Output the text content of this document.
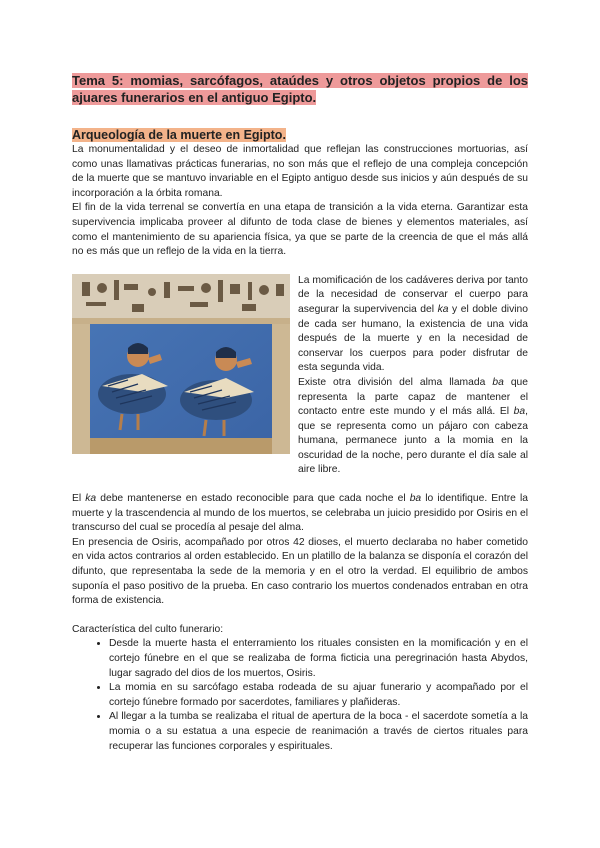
Tema 5: momias, sarcófagos, ataúdes y otros objetos propios de los ajuares funerarios en el antiguo Egipto.
Arqueología de la muerte en Egipto.

La monumentalidad y el deseo de inmortalidad que reflejan las construcciones mortuorias, así como unas llamativas prácticas funerarias, no son más que el reflejo de una compleja concepción de la muerte que se mantuvo invariable en el Egipto antiguo desde sus inicios y aún después de su incorporación a la órbita romana.

El fin de la vida terrenal se convertía en una etapa de transición a la vida eterna. Garantizar esta supervivencia implicaba proveer al difunto de toda clase de bienes y elementos materiales, así como el mantenimiento de su apariencia física, ya que se parte de la creencia de que el más allá no es más que un reflejo de la vida en la tierra.

La momificación de los cadáveres deriva por tanto de la necesidad de conservar el cuerpo para asegurar la supervivencia del ka y el doble divino de cada ser humano, la existencia de una vida después de la muerte y en la necesidad de conservar los cuerpos para poder disfrutar de esta segunda vida.

Existe otra división del alma llamada ba que representa la parte capaz de mantener el contacto entre este mundo y el más allá. El ba, que se representa como un pájaro con cabeza humana, permanece junto a la momia en la oscuridad de la noche, pero durante el día sale al aire libre.

El ka debe mantenerse en estado reconocible para que cada noche el ba lo identifique. Entre la muerte y la trascendencia al mundo de los muertos, se celebraba un juicio presidido por Osiris en el transcurso del cual se procedía al pesaje del alma.

En presencia de Osiris, acompañado por otros 42 dioses, el muerto declaraba no haber cometido en vida actos contrarios al orden establecido. En un platillo de la balanza se disponía el corazón del difunto, que representaba la sede de la memoria y en el otro la verdad. El equilibrio de ambos suponía el paso positivo de la prueba. En caso contrario los muertos condenados entraban en otra forma de existencia.

Característica del culto funerario:

• Desde la muerte hasta el enterramiento los rituales consisten en la momificación y en el cortejo fúnebre en el que se realizaba de forma ficticia una peregrinación hasta Abydos, lugar sagrado del dios de los muertos, Osiris.
• La momia en su sarcófago estaba rodeada de su ajuar funerario y acompañado por el cortejo fúnebre formado por sacerdotes, familiares y plañideras.
• Al llegar a la tumba se realizaba el ritual de apertura de la boca - el sacerdote sometía a la momia o a su estatua a una especie de reanimación a través de ciertos rituales para recuperar las funciones corporales y espirituales.
